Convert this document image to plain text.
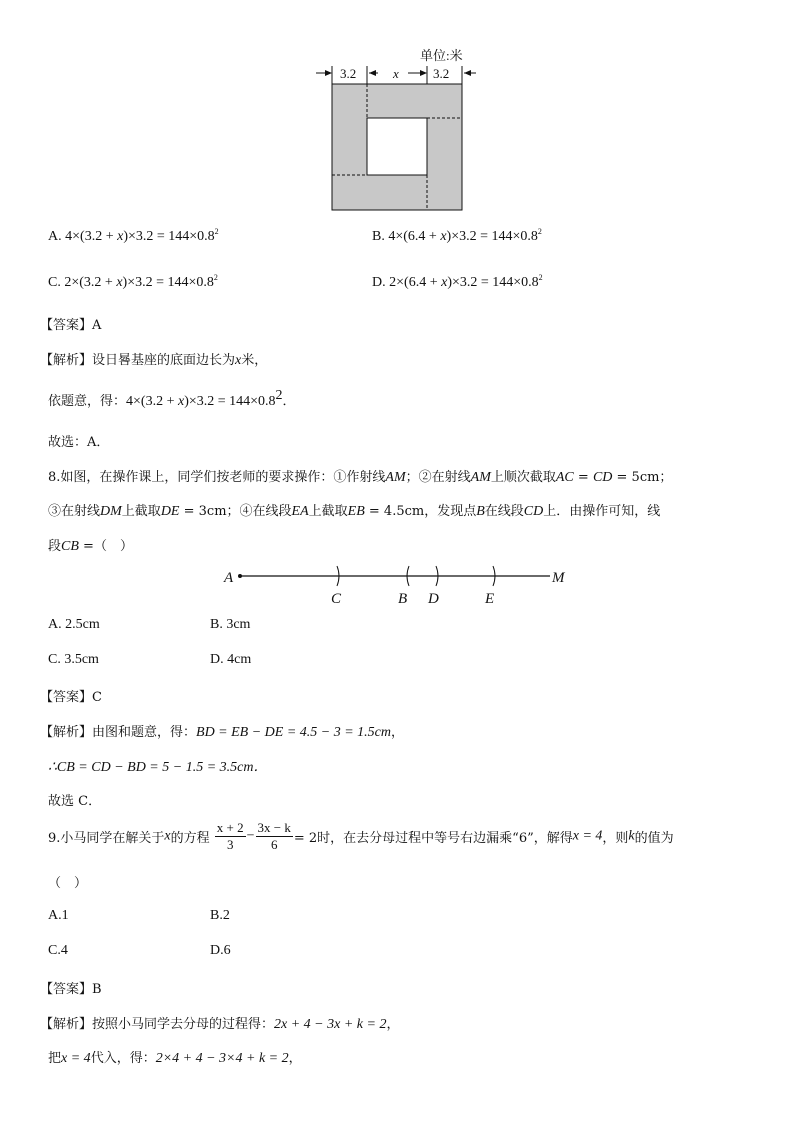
单位:米
3.2	x	3.2
A. $4\times(3.2 + x)\times 3.2 = 144\times 0.8^2$	B. $4\times(6.4 + x)\times 3.2 = 144\times 0.8^2$
C. $2\times(3.2 + x)\times 3.2 = 144\times 0.8^2$	D. $2\times(6.4 + x)\times 3.2 = 144\times 0.8^2$
【答案】A
【解析】设日晷基座的底面边长为x米，
依题意，得：$4\times(3.2 + x)\times 3.2 = 144\times 0.8^2$．
故选：A．
8.如图，在操作课上，同学们按老师的要求操作：①作射线AM；②在射线AM上顺次截取AC = CD = 5cm；
③在射线DM上截取DE = 3cm；④在线段EA上截取EB = 4.5cm，发现点B在线段CD上．由操作可知，线
段CB =（　）
A
C	B D	E
M
A. 2.5cm	B. 3cm
C. 3.5cm	D. 4cm
【答案】C
【解析】由图和题意，得：BD = EB − DE = 4.5 − 3 = 1.5cm，
∴CB = CD − BD = 5 − 1.5 = 3.5cm．
故选 C．
9.小马同学在解关于x的方程 $\frac{x + 2}{3} - \frac{3x - k}{6} = 2$时，在去分母过程中等号右边漏乘“6”，解得x = 4，则k的值为
（　）
A.1	B.2
C.4	D.6
【答案】B
【解析】按照小马同学去分母的过程得：2x + 4 − 3x + k = 2，
把x = 4代入，得：2×4 + 4 − 3×4 + k = 2，
